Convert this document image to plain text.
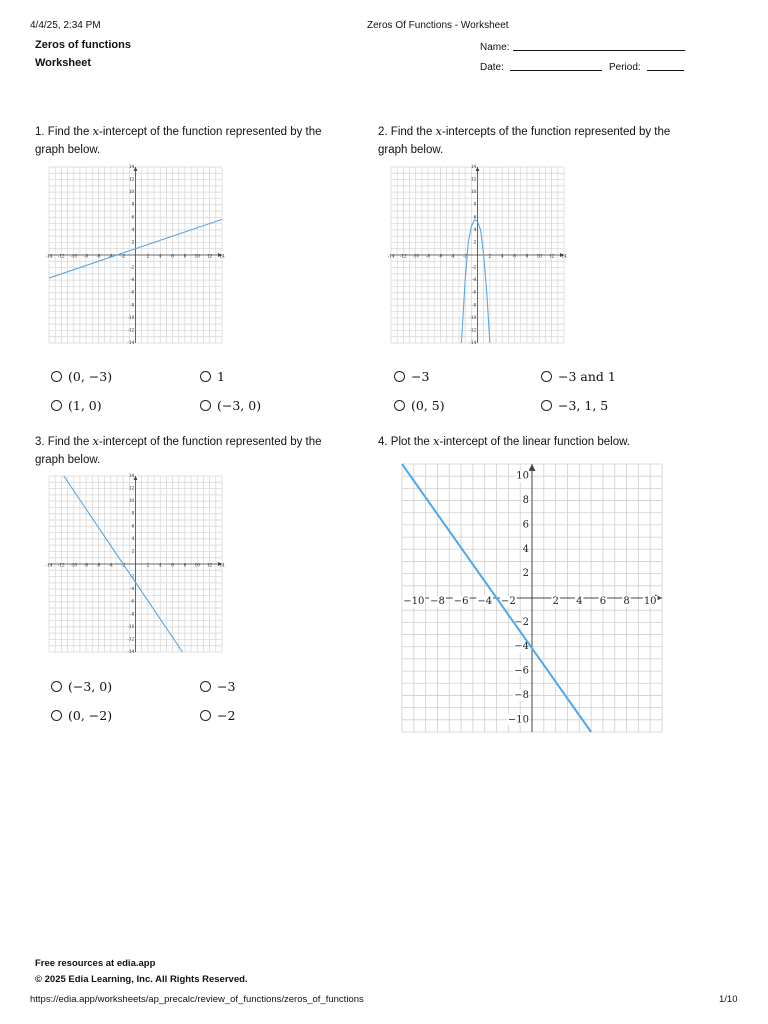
4/4/25, 2:34 PM	Zeros Of Functions - Worksheet
Zeros of functions
Worksheet
Name:
Date:	Period:
1. Find the x-intercept of the function represented by the graph below.
-14 -12 -10 -8 -6 -4 -2	2 4 6 8 10 12 14
14
12
10
8
6
4
2
-2
-4
-6
-8
-10
-12
-14
(0, −3)	1
(1, 0)	(−3, 0)
2. Find the x-intercepts of the function represented by the graph below.
-14 -12 -10 -8 -6 -4 -2	2 4 6 8 10 12 14
14
12
10
8
6
4
2
-2
-4
-6
-8
-10
-12
-14
−3	−3 and 1
(0, 5)	−3, 1, 5
3. Find the x-intercept of the function represented by the graph below.
-14 -12 -10 -8 -6 -4 -2	2 4 6 8 10 12 14
14
12
10
8
6
4
2
-2
-4
-6
-8
-10
-12
-14
(−3, 0)	−3
(0, −2)	−2
4. Plot the x-intercept of the linear function below.
−10 −8 −6 −4 −2	2 4 6 8 10
10
8
6
4
2
−2
−4
−6
−8
−10
Free resources at edia.app
© 2025 Edia Learning, Inc. All Rights Reserved.
https://edia.app/worksheets/ap_precalc/review_of_functions/zeros_of_functions	1/10
